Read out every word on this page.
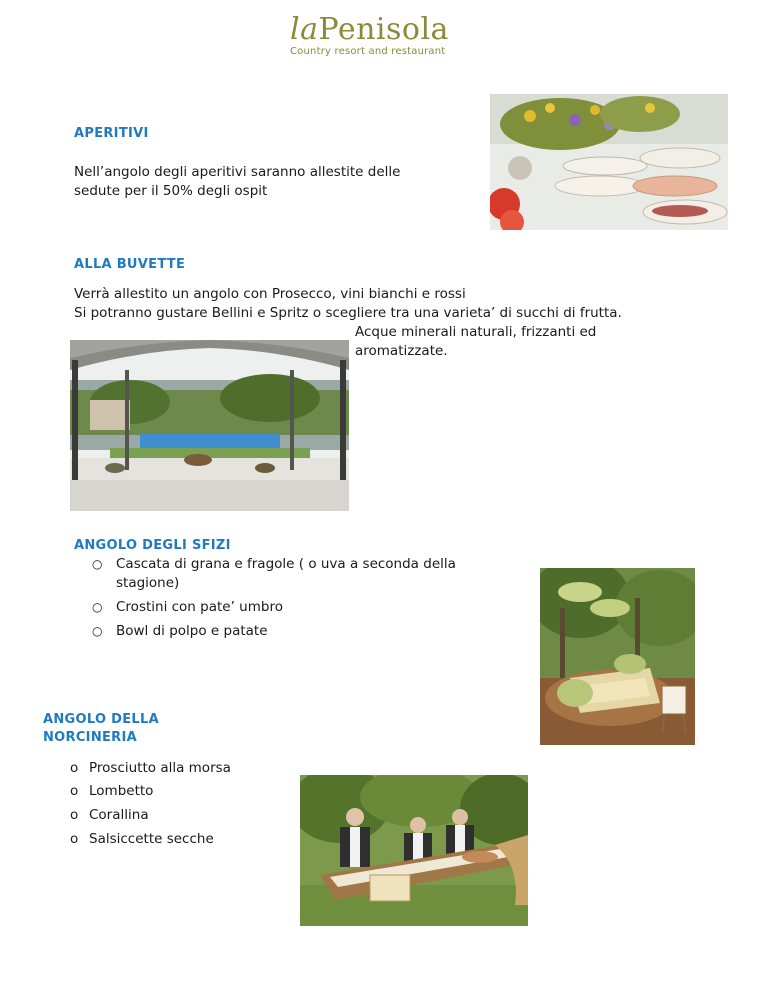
laPenisola
Country resort and restaurant
APERITIVI
Nell’angolo degli aperitivi saranno allestite delle
sedute per il 50% degli ospit
ALLA BUVETTE
Verrà allestito un angolo con Prosecco, vini bianchi e rossi
Si potranno gustare Bellini e Spritz o scegliere tra una varieta’ di succhi di frutta.
Acque minerali naturali, frizzanti ed
aromatizzate.
ANGOLO DEGLI SFIZI
○ Cascata di grana e fragole ( o uva a seconda della
stagione)
○ Crostini con pate’ umbro
○ Bowl di polpo e patate
ANGOLO DELLA
NORCINERIA
o Prosciutto alla morsa
o Lombetto
o Corallina
o Salsiccette secche
